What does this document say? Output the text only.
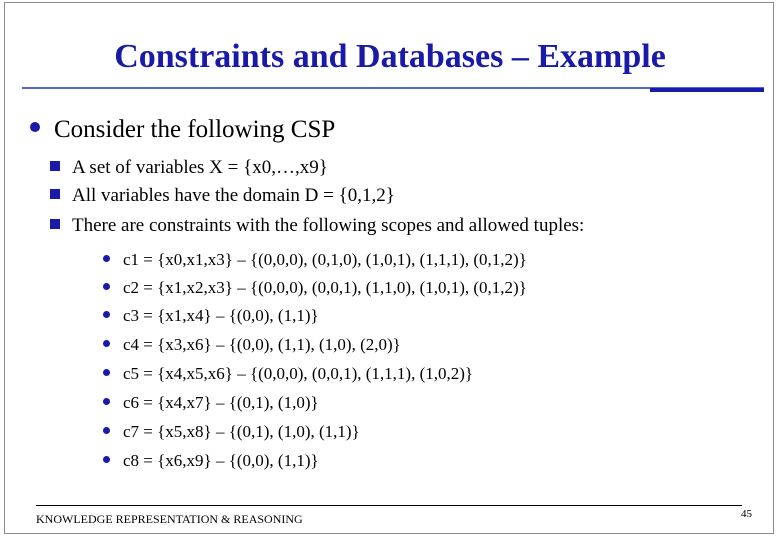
Constraints and Databases – Example
Consider the following CSP
A set of variables X = {x0,…,x9}
All variables have the domain D = {0,1,2}
There are constraints with the following scopes and allowed tuples:
c1 = {x0,x1,x3} – {(0,0,0), (0,1,0), (1,0,1), (1,1,1), (0,1,2)}
c2 = {x1,x2,x3} – {(0,0,0), (0,0,1), (1,1,0), (1,0,1), (0,1,2)}
c3 = {x1,x4} – {(0,0), (1,1)}
c4 = {x3,x6} – {(0,0), (1,1), (1,0), (2,0)}
c5 = {x4,x5,x6} – {(0,0,0), (0,0,1), (1,1,1), (1,0,2)}
c6 = {x4,x7} – {(0,1), (1,0)}
c7 = {x5,x8} – {(0,1), (1,0), (1,1)}
c8 = {x6,x9} – {(0,0), (1,1)}
KNOWLEDGE REPRESENTATION & REASONING	45
